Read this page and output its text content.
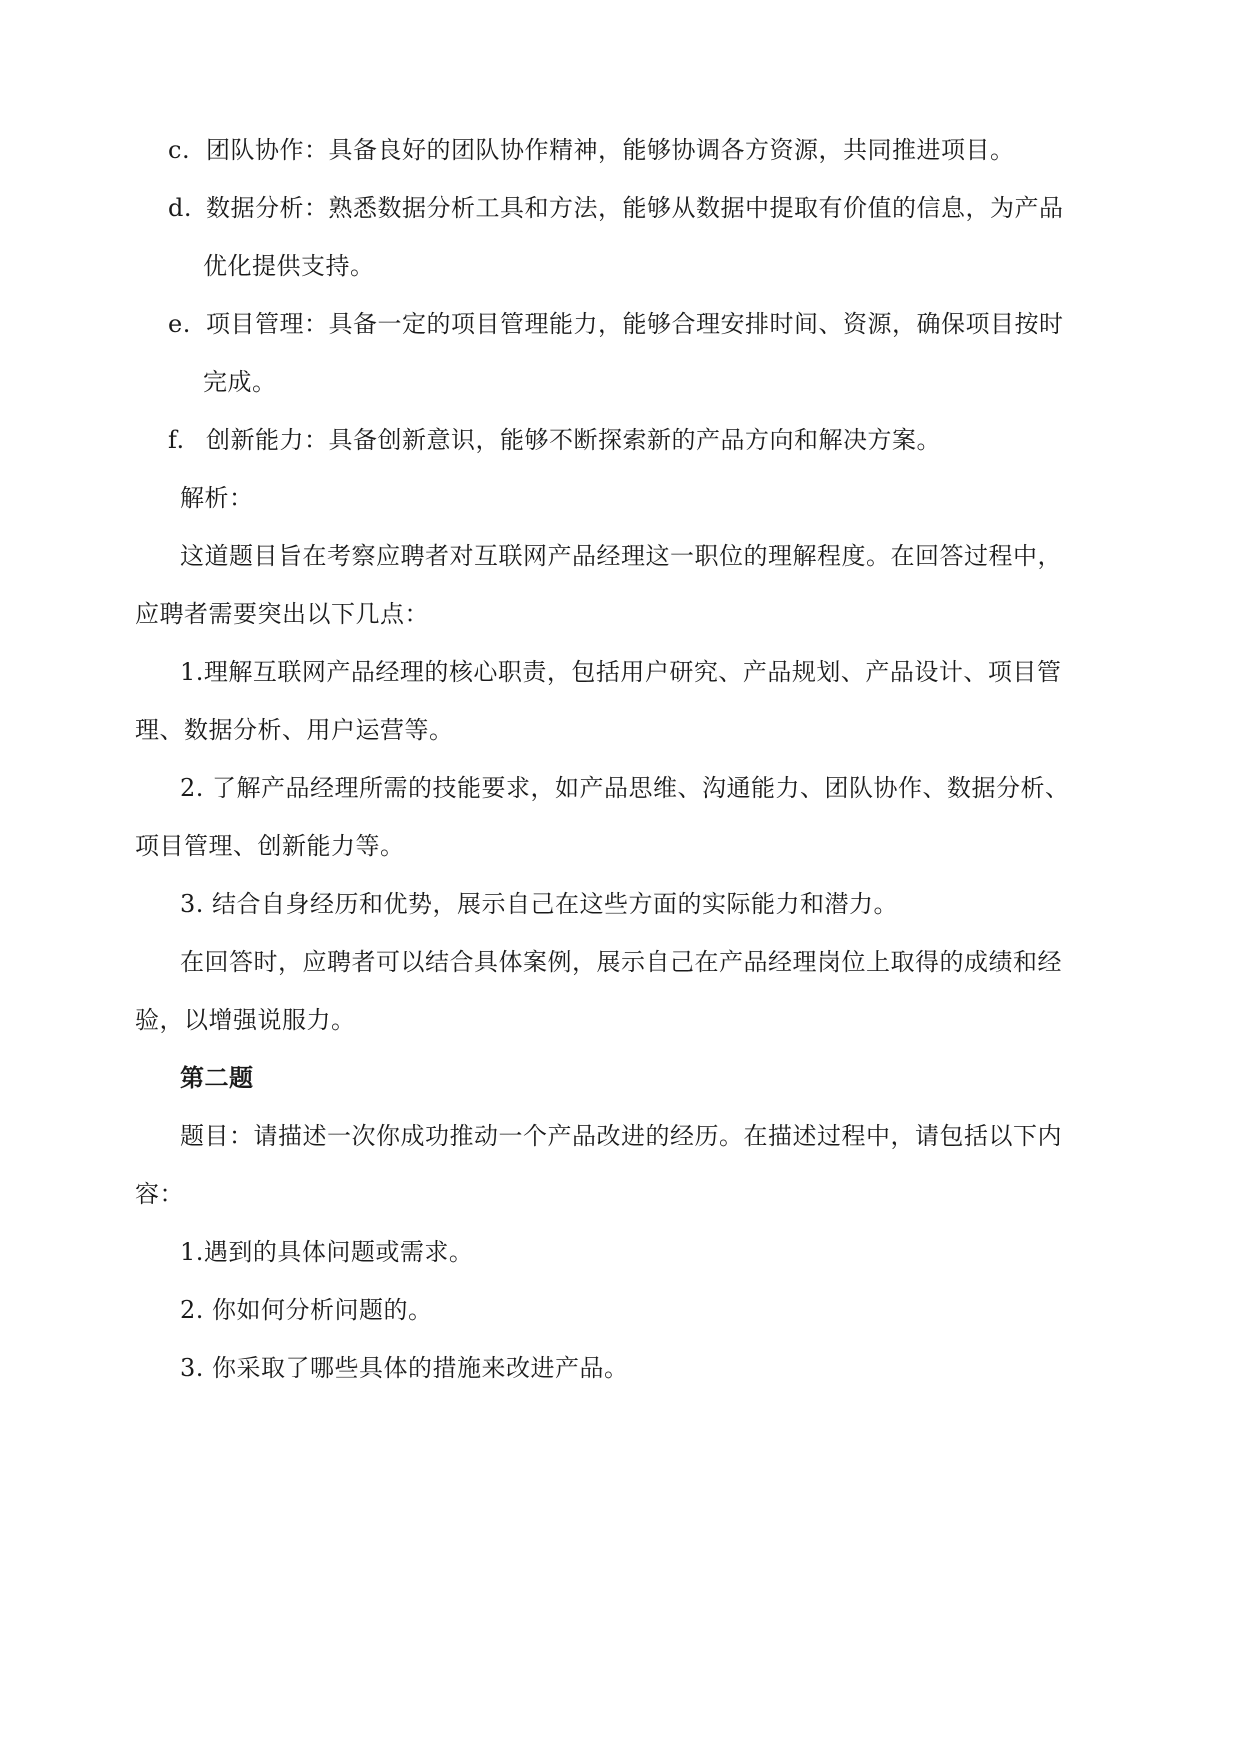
c. 团队协作：具备良好的团队协作精神，能够协调各方资源，共同推进项目。
d. 数据分析：熟悉数据分析工具和方法，能够从数据中提取有价值的信息，为产品
优化提供支持。
e. 项目管理：具备一定的项目管理能力，能够合理安排时间、资源，确保项目按时
完成。
f. 创新能力：具备创新意识，能够不断探索新的产品方向和解决方案。
解析：
这道题目旨在考察应聘者对互联网产品经理这一职位的理解程度。在回答过程中，
应聘者需要突出以下几点：
1.理解互联网产品经理的核心职责，包括用户研究、产品规划、产品设计、项目管
理、数据分析、用户运营等。
2. 了解产品经理所需的技能要求，如产品思维、沟通能力、团队协作、数据分析、
项目管理、创新能力等。
3. 结合自身经历和优势，展示自己在这些方面的实际能力和潜力。
在回答时，应聘者可以结合具体案例，展示自己在产品经理岗位上取得的成绩和经
验，以增强说服力。
第二题
题目：请描述一次你成功推动一个产品改进的经历。在描述过程中，请包括以下内
容：
1.遇到的具体问题或需求。
2. 你如何分析问题的。
3. 你采取了哪些具体的措施来改进产品。
